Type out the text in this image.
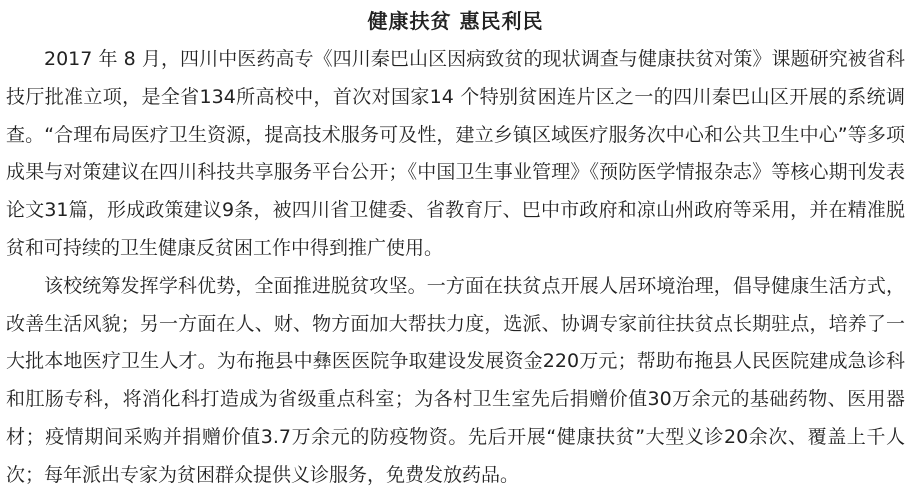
健康扶贫 惠民利民

2017 年 8 月，四川中医药高专《四川秦巴山区因病致贫的现状调查与健康扶贫对策》课题研究被省科技厅批准立项，是全省134所高校中，首次对国家14 个特别贫困连片区之一的四川秦巴山区开展的系统调查。“合理布局医疗卫生资源，提高技术服务可及性，建立乡镇区域医疗服务次中心和公共卫生中心”等多项成果与对策建议在四川科技共享服务平台公开；《中国卫生事业管理》《预防医学情报杂志》等核心期刊发表论文31篇，形成政策建议9条，被四川省卫健委、省教育厅、巴中市政府和凉山州政府等采用，并在精准脱贫和可持续的卫生健康反贫困工作中得到推广使用。

该校统筹发挥学科优势，全面推进脱贫攻坚。一方面在扶贫点开展人居环境治理，倡导健康生活方式，改善生活风貌；另一方面在人、财、物方面加大帮扶力度，选派、协调专家前往扶贫点长期驻点，培养了一大批本地医疗卫生人才。为布拖县中彝医医院争取建设发展资金220万元；帮助布拖县人民医院建成急诊科和肛肠专科，将消化科打造成为省级重点科室；为各村卫生室先后捐赠价值30万余元的基础药物、医用器材；疫情期间采购并捐赠价值3.7万余元的防疫物资。先后开展“健康扶贫”大型义诊20余次、覆盖上千人次；每年派出专家为贫困群众提供义诊服务，免费发放药品。
